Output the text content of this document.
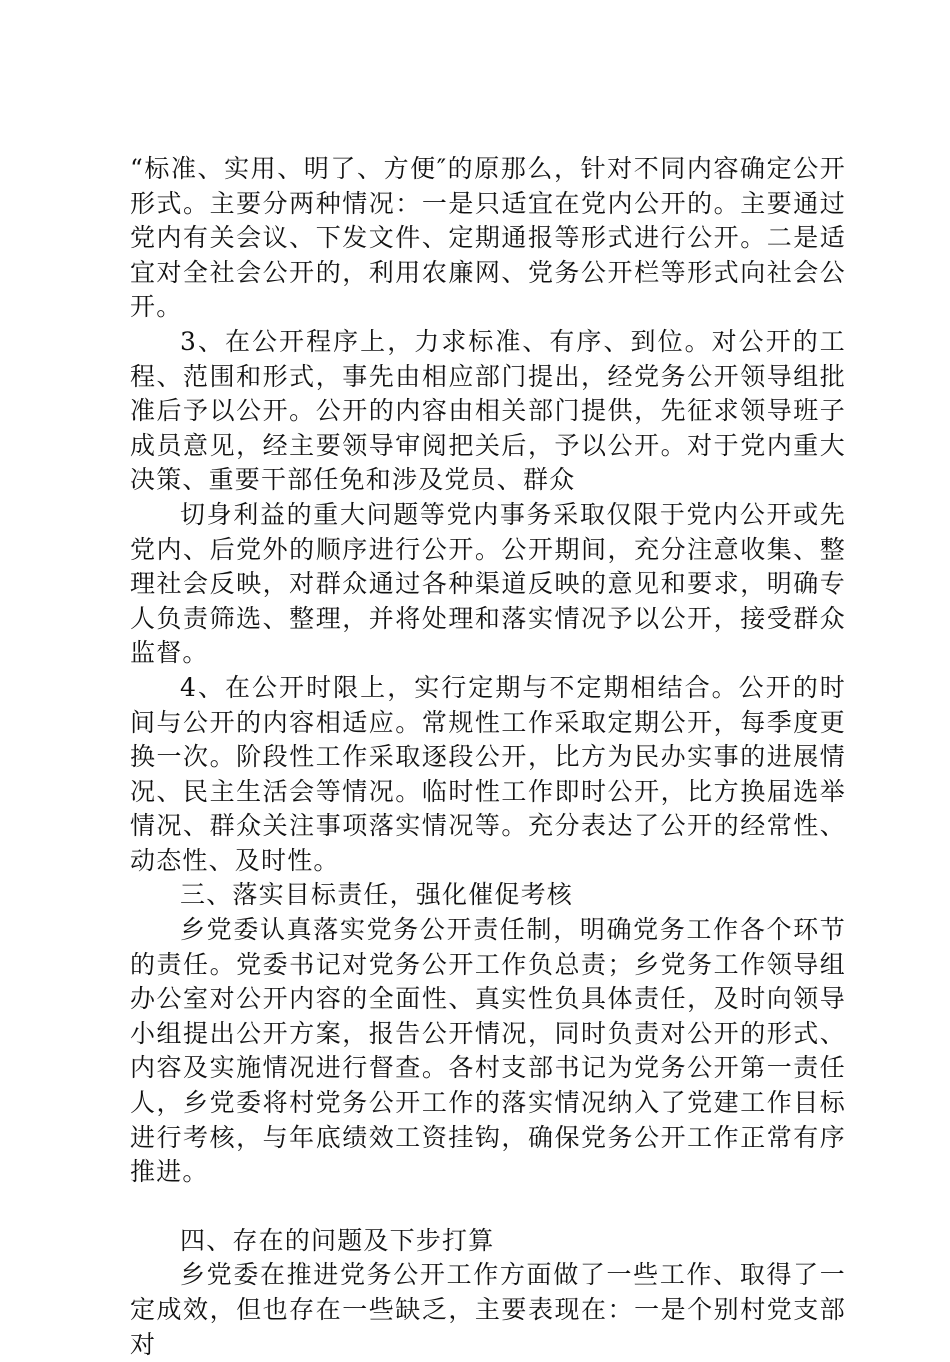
“标准、实用、明了、方便″的原那么，针对不同内容确定公开形式。主要分两种情况：一是只适宜在党内公开的。主要通过党内有关会议、下发文件、定期通报等形式进行公开。二是适宜对全社会公开的，利用农廉网、党务公开栏等形式向社会公开。

3、在公开程序上，力求标准、有序、到位。对公开的工程、范围和形式，事先由相应部门提出，经党务公开领导组批准后予以公开。公开的内容由相关部门提供，先征求领导班子成员意见，经主要领导审阅把关后，予以公开。对于党内重大决策、重要干部任免和涉及党员、群众

切身利益的重大问题等党内事务采取仅限于党内公开或先党内、后党外的顺序进行公开。公开期间，充分注意收集、整理社会反映，对群众通过各种渠道反映的意见和要求，明确专人负责筛选、整理，并将处理和落实情况予以公开，接受群众监督。

4、在公开时限上，实行定期与不定期相结合。公开的时间与公开的内容相适应。常规性工作采取定期公开，每季度更换一次。阶段性工作采取逐段公开，比方为民办实事的进展情况、民主生活会等情况。临时性工作即时公开，比方换届选举情况、群众关注事项落实情况等。充分表达了公开的经常性、动态性、及时性。

三、落实目标责任，强化催促考核

乡党委认真落实党务公开责任制，明确党务工作各个环节的责任。党委书记对党务公开工作负总责；乡党务工作领导组办公室对公开内容的全面性、真实性负具体责任，及时向领导小组提出公开方案，报告公开情况，同时负责对公开的形式、内容及实施情况进行督查。各村支部书记为党务公开第一责任人，乡党委将村党务公开工作的落实情况纳入了党建工作目标进行考核，与年底绩效工资挂钩，确保党务公开工作正常有序推进。

四、存在的问题及下步打算

乡党委在推进党务公开工作方面做了一些工作、取得了一定成效，但也存在一些缺乏，主要表现在：一是个别村党支部对
